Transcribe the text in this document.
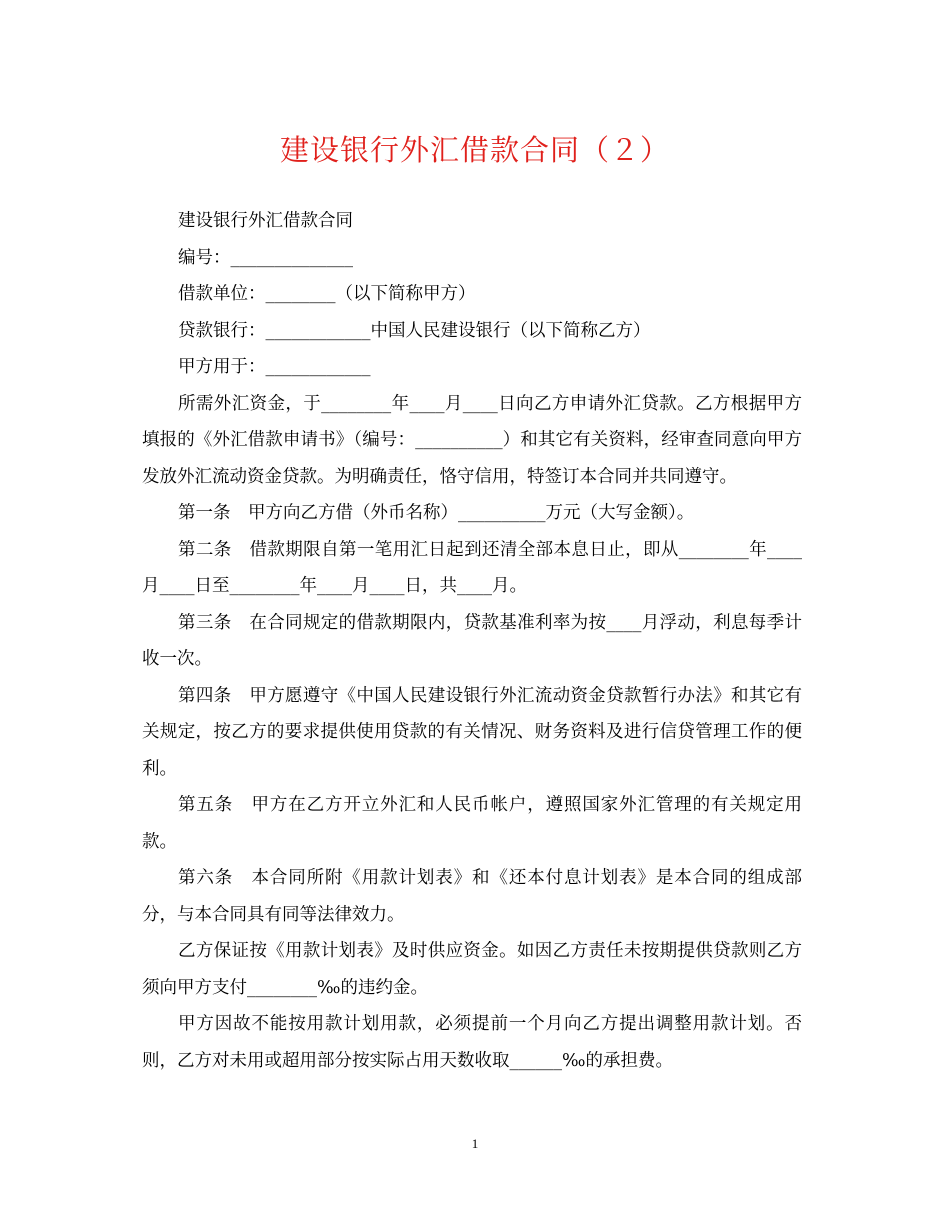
建设银行外汇借款合同（２）

建设银行外汇借款合同

编号：______________

借款单位：________（以下简称甲方）

贷款银行：____________中国人民建设银行（以下简称乙方）

甲方用于：____________

所需外汇资金，于________年____月____日向乙方申请外汇贷款。乙方根据甲方填报的《外汇借款申请书》（编号：__________）和其它有关资料，经审查同意向甲方发放外汇流动资金贷款。为明确责任，恪守信用，特签订本合同并共同遵守。

第一条　甲方向乙方借（外币名称）__________万元（大写金额）。

第二条　借款期限自第一笔用汇日起到还清全部本息日止，即从________年____月____日至________年____月____日，共____月。

第三条　在合同规定的借款期限内，贷款基准利率为按____月浮动，利息每季计收一次。

第四条　甲方愿遵守《中国人民建设银行外汇流动资金贷款暂行办法》和其它有关规定，按乙方的要求提供使用贷款的有关情况、财务资料及进行信贷管理工作的便利。

第五条　甲方在乙方开立外汇和人民币帐户，遵照国家外汇管理的有关规定用款。

第六条　本合同所附《用款计划表》和《还本付息计划表》是本合同的组成部分，与本合同具有同等法律效力。

乙方保证按《用款计划表》及时供应资金。如因乙方责任未按期提供贷款则乙方须向甲方支付________‰的违约金。

甲方因故不能按用款计划用款，必须提前一个月向乙方提出调整用款计划。否则，乙方对未用或超用部分按实际占用天数收取______‰的承担费。

1
